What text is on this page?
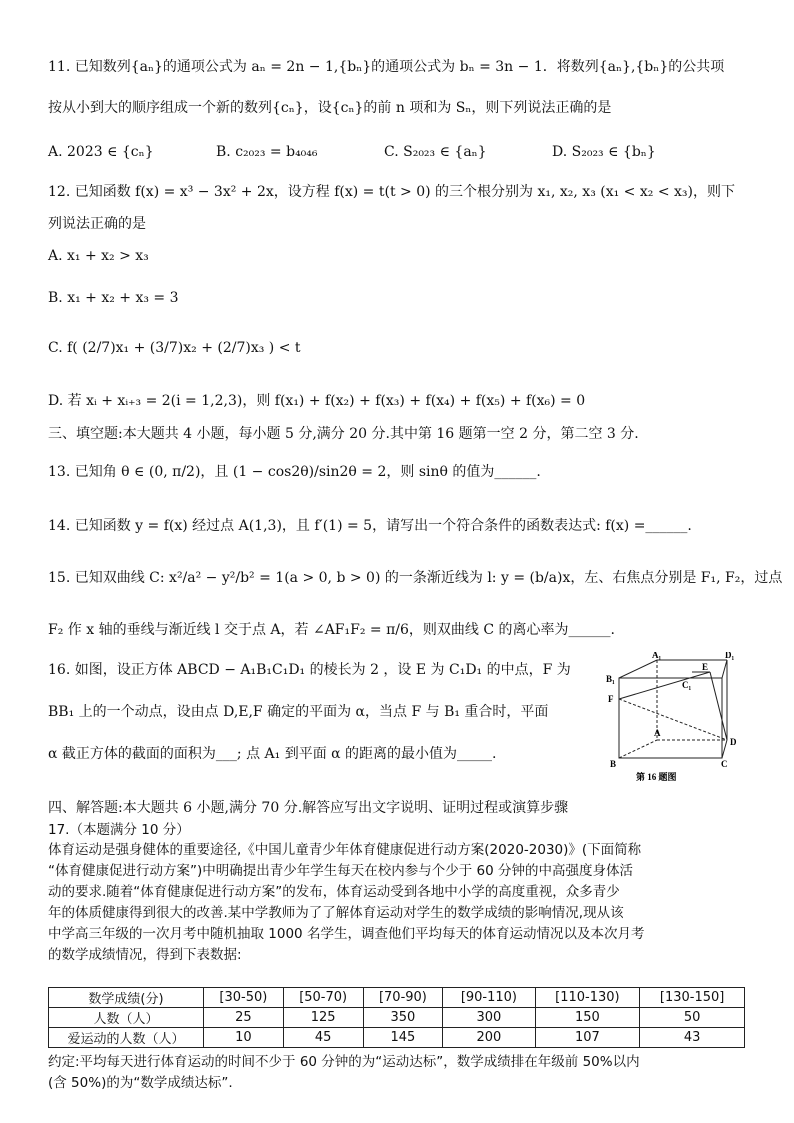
11. 已知数列{aₙ}的通项公式为 aₙ = 2n − 1,{bₙ}的通项公式为 bₙ = 3n − 1．将数列{aₙ},{bₙ}的公共项
按从小到大的顺序组成一个新的数列{cₙ}，设{cₙ}的前 n 项和为 Sₙ，则下列说法正确的是
A. 2023 ∈ {cₙ}	B. c₂₀₂₃ = b₄₀₄₆	C. S₂₀₂₃ ∈ {aₙ}	D. S₂₀₂₃ ∈ {bₙ}
12. 已知函数 f(x) = x³ − 3x² + 2x，设方程 f(x) = t(t > 0) 的三个根分别为 x₁, x₂, x₃ (x₁ < x₂ < x₃)，则下
列说法正确的是
A. x₁ + x₂ > x₃
B. x₁ + x₂ + x₃ = 3
C. f( (2/7)x₁ + (3/7)x₂ + (2/7)x₃ ) < t
D. 若 xᵢ + xᵢ₊₃ = 2(i = 1,2,3)，则 f(x₁) + f(x₂) + f(x₃) + f(x₄) + f(x₅) + f(x₆) = 0
三、填空题:本大题共 4 小题，每小题 5 分,满分 20 分.其中第 16 题第一空 2 分，第二空 3 分.
13. 已知角 θ ∈ (0, π/2)，且 (1 − cos2θ)/sin2θ = 2，则 sinθ 的值为______.
14. 已知函数 y = f(x) 经过点 A(1,3)，且 f′(1) = 5，请写出一个符合条件的函数表达式: f(x) =______.
15. 已知双曲线 C: x²/a² − y²/b² = 1(a > 0, b > 0) 的一条渐近线为 l: y = (b/a)x，左、右焦点分别是 F₁, F₂，过点
F₂ 作 x 轴的垂线与渐近线 l 交于点 A，若 ∠AF₁F₂ = π/6，则双曲线 C 的离心率为______.
16. 如图，设正方体 ABCD − A₁B₁C₁D₁ 的棱长为 2 ，设 E 为 C₁D₁ 的中点，F 为
BB₁ 上的一个动点，设由点 D,E,F 确定的平面为 α，当点 F 与 B₁ 重合时，平面
α 截正方体的截面的面积为___; 点 A₁ 到平面 α 的距离的最小值为_____.
A₁	D₁
B₁
E
C₁
F
A
D
B	C
第 16 题图
四、解答题:本大题共 6 小题,满分 70 分.解答应写出文字说明、证明过程或演算步骤
17.（本题满分 10 分）
体育运动是强身健体的重要途径,《中国儿童青少年体育健康促进行动方案(2020-2030)》(下面简称
“体育健康促进行动方案”)中明确提出青少年学生每天在校内参与个少于 60 分钟的中高强度身体活
动的要求.随着“体育健康促进行动方案”的发布，体育运动受到各地中小学的高度重视，众多青少
年的体质健康得到很大的改善.某中学教师为了了解体育运动对学生的数学成绩的影响情况,现从该
中学高三年级的一次月考中随机抽取 1000 名学生，调查他们平均每天的体育运动情况以及本次月考
的数学成绩情况，得到下表数据:
数学成绩(分)	[30-50)	[50-70)	[70-90)	[90-110)	[110-130)	[130-150]
人数（人）	25	125	350	300	150	50
爱运动的人数（人）	10	45	145	200	107	43
约定:平均每天进行体育运动的时间不少于 60 分钟的为“运动达标”，数学成绩排在年级前 50%以内
(含 50%)的为“数学成绩达标”.
